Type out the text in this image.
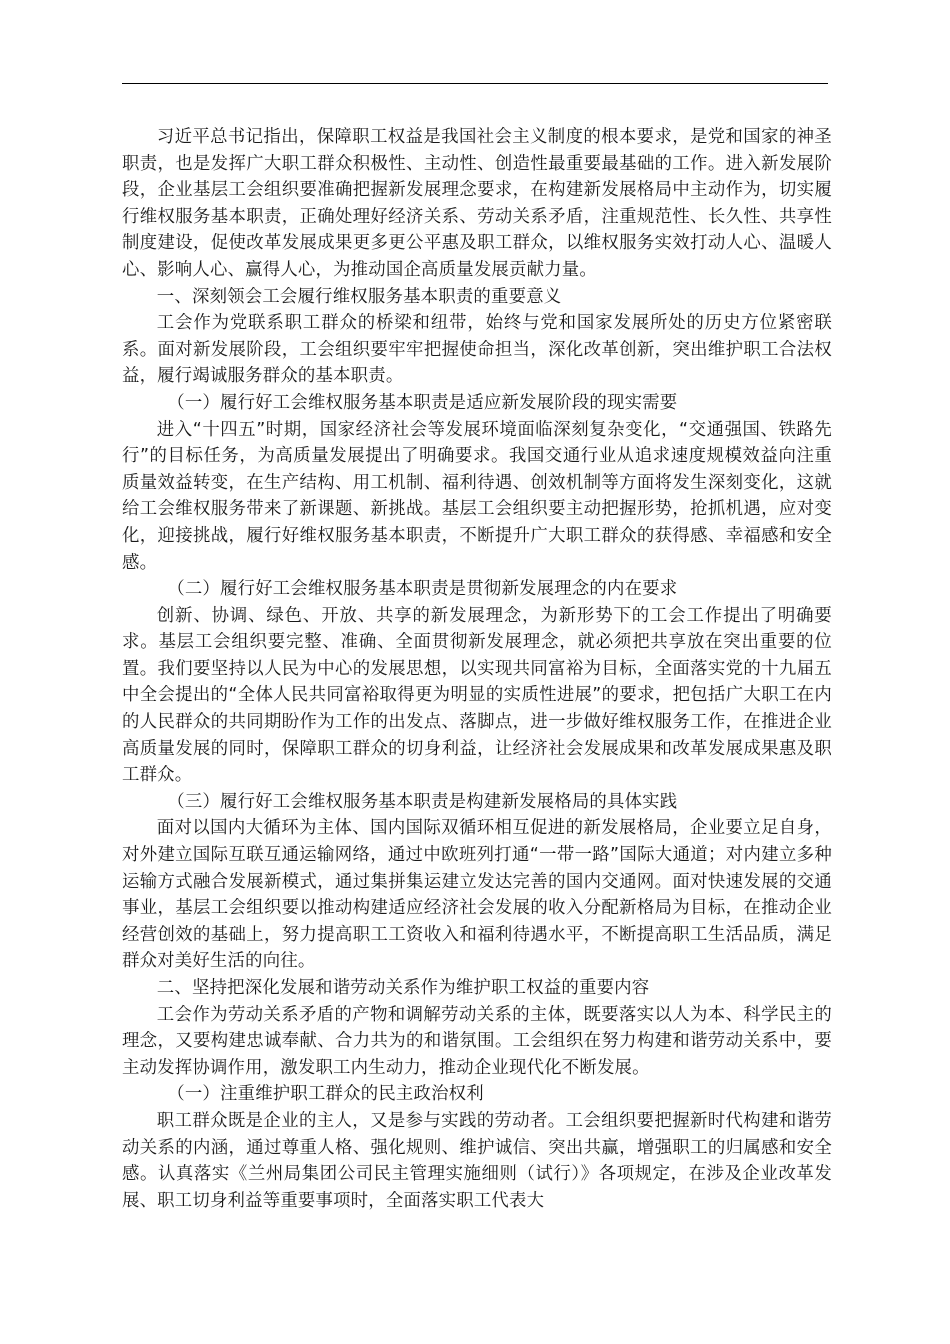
习近平总书记指出，保障职工权益是我国社会主义制度的根本要求，是党和国家的神圣职责，也是发挥广大职工群众积极性、主动性、创造性最重要最基础的工作。进入新发展阶段，企业基层工会组织要准确把握新发展理念要求，在构建新发展格局中主动作为，切实履行维权服务基本职责，正确处理好经济关系、劳动关系矛盾，注重规范性、长久性、共享性制度建设，促使改革发展成果更多更公平惠及职工群众，以维权服务实效打动人心、温暖人心、影响人心、赢得人心，为推动国企高质量发展贡献力量。

一、深刻领会工会履行维权服务基本职责的重要意义

工会作为党联系职工群众的桥梁和纽带，始终与党和国家发展所处的历史方位紧密联系。面对新发展阶段，工会组织要牢牢把握使命担当，深化改革创新，突出维护职工合法权益，履行竭诚服务群众的基本职责。

（一）履行好工会维权服务基本职责是适应新发展阶段的现实需要

进入“十四五”时期，国家经济社会等发展环境面临深刻复杂变化，“交通强国、铁路先行”的目标任务，为高质量发展提出了明确要求。我国交通行业从追求速度规模效益向注重质量效益转变，在生产结构、用工机制、福利待遇、创效机制等方面将发生深刻变化，这就给工会维权服务带来了新课题、新挑战。基层工会组织要主动把握形势，抢抓机遇，应对变化，迎接挑战，履行好维权服务基本职责，不断提升广大职工群众的获得感、幸福感和安全感。

（二）履行好工会维权服务基本职责是贯彻新发展理念的内在要求

创新、协调、绿色、开放、共享的新发展理念，为新形势下的工会工作提出了明确要求。基层工会组织要完整、准确、全面贯彻新发展理念，就必须把共享放在突出重要的位置。我们要坚持以人民为中心的发展思想，以实现共同富裕为目标，全面落实党的十九届五中全会提出的“全体人民共同富裕取得更为明显的实质性进展”的要求，把包括广大职工在内的人民群众的共同期盼作为工作的出发点、落脚点，进一步做好维权服务工作，在推进企业高质量发展的同时，保障职工群众的切身利益，让经济社会发展成果和改革发展成果惠及职工群众。

（三）履行好工会维权服务基本职责是构建新发展格局的具体实践

面对以国内大循环为主体、国内国际双循环相互促进的新发展格局，企业要立足自身，对外建立国际互联互通运输网络，通过中欧班列打通“一带一路”国际大通道；对内建立多种运输方式融合发展新模式，通过集拼集运建立发达完善的国内交通网。面对快速发展的交通事业，基层工会组织要以推动构建适应经济社会发展的收入分配新格局为目标，在推动企业经营创效的基础上，努力提高职工工资收入和福利待遇水平，不断提高职工生活品质，满足群众对美好生活的向往。

二、坚持把深化发展和谐劳动关系作为维护职工权益的重要内容

工会作为劳动关系矛盾的产物和调解劳动关系的主体，既要落实以人为本、科学民主的理念，又要构建忠诚奉献、合力共为的和谐氛围。工会组织在努力构建和谐劳动关系中，要主动发挥协调作用，激发职工内生动力，推动企业现代化不断发展。

（一）注重维护职工群众的民主政治权利

职工群众既是企业的主人，又是参与实践的劳动者。工会组织要把握新时代构建和谐劳动关系的内涵，通过尊重人格、强化规则、维护诚信、突出共赢，增强职工的归属感和安全感。认真落实《兰州局集团公司民主管理实施细则（试行）》各项规定，在涉及企业改革发展、职工切身利益等重要事项时，全面落实职工代表大
